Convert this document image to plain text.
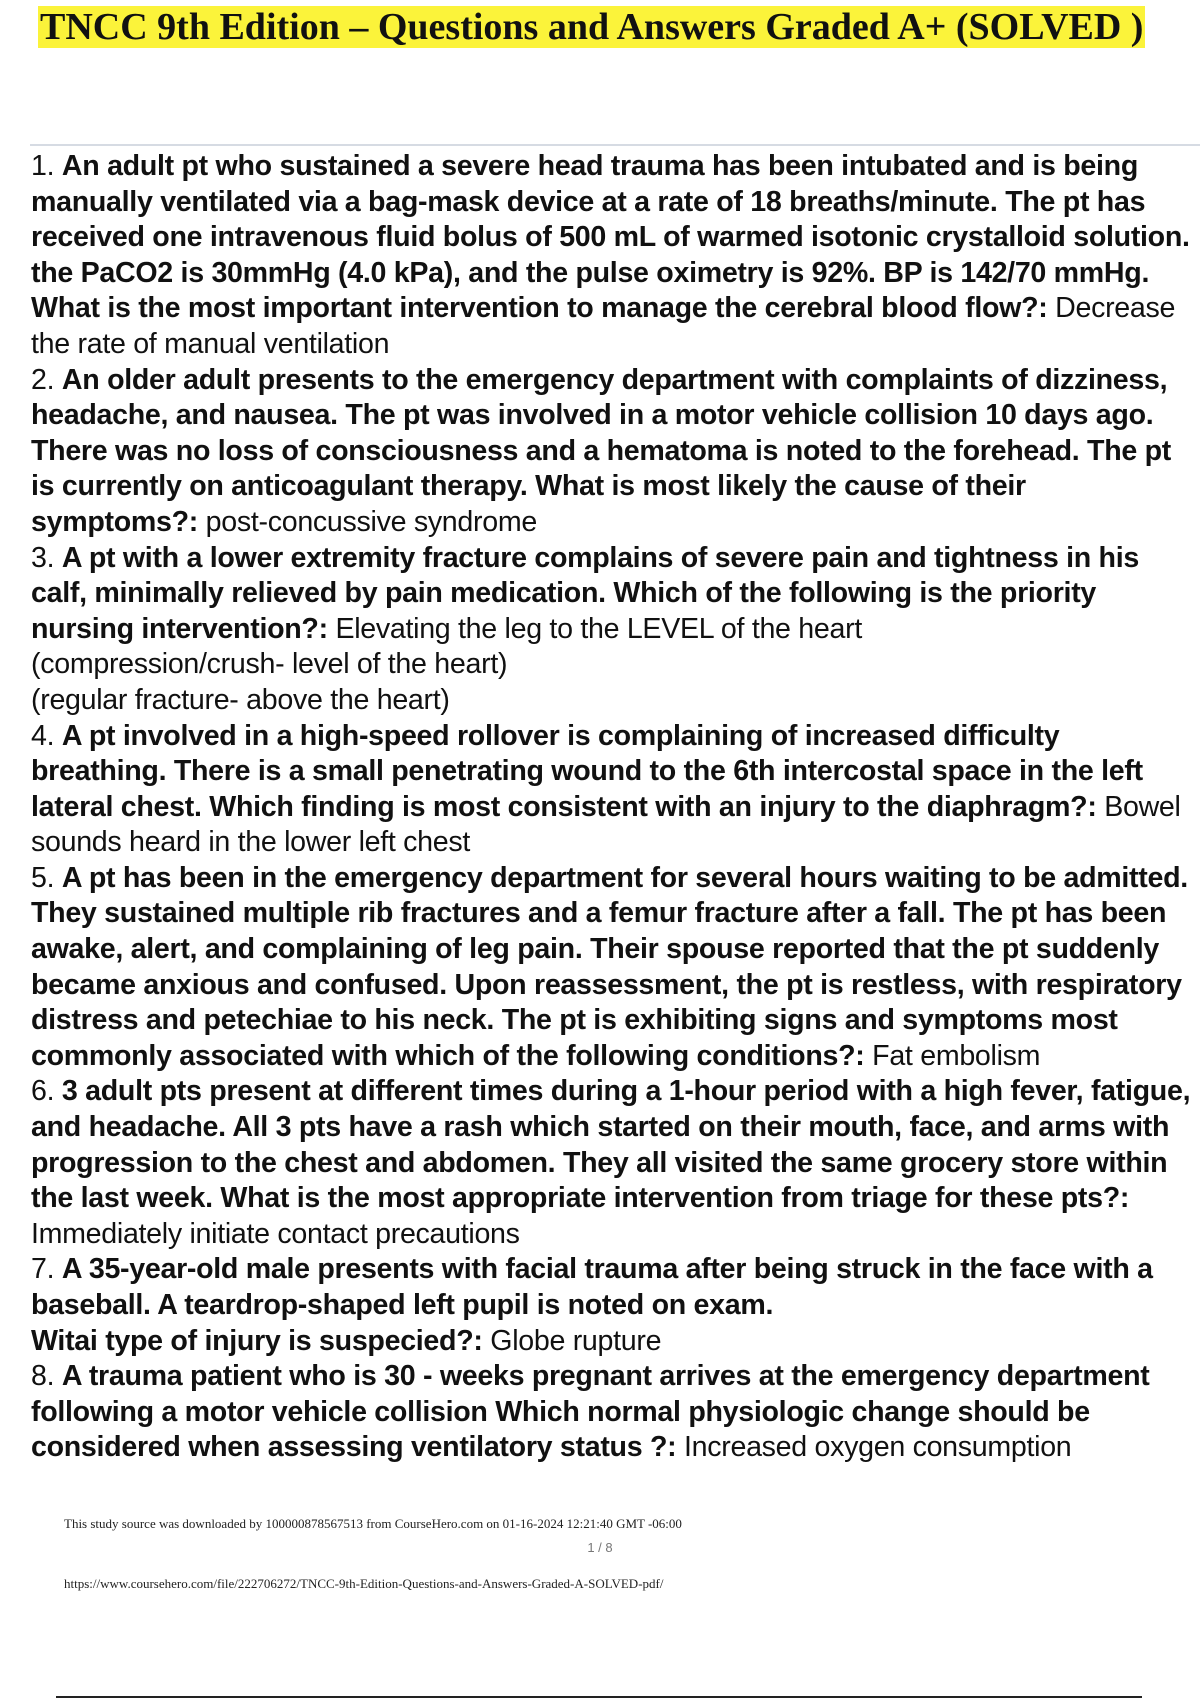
TNCC 9th Edition – Questions and Answers Graded A+ (SOLVED )

1. An adult pt who sustained a severe head trauma has been intubated and is being manually ventilated via a bag-mask device at a rate of 18 breaths/minute. The pt has received one intravenous fluid bolus of 500 mL of warmed isotonic crystalloid solution. the PaCO2 is 30mmHg (4.0 kPa), and the pulse oximetry is 92%. BP is 142/70 mmHg. What is the most important intervention to manage the cerebral blood flow?: Decrease the rate of manual ventilation

2. An older adult presents to the emergency department with complaints of dizziness, headache, and nausea. The pt was involved in a motor vehicle collision 10 days ago. There was no loss of consciousness and a hematoma is noted to the forehead. The pt is currently on anticoagulant therapy. What is most likely the cause of their symptoms?: post-concussive syndrome

3. A pt with a lower extremity fracture complains of severe pain and tightness in his calf, minimally relieved by pain medication. Which of the following is the priority nursing intervention?: Elevating the leg to the LEVEL of the heart
(compression/crush- level of the heart)
(regular fracture- above the heart)

4. A pt involved in a high-speed rollover is complaining of increased difficulty breathing. There is a small penetrating wound to the 6th intercostal space in the left lateral chest. Which finding is most consistent with an injury to the diaphragm?: Bowel sounds heard in the lower left chest

5. A pt has been in the emergency department for several hours waiting to be admitted. They sustained multiple rib fractures and a femur fracture after a fall. The pt has been awake, alert, and complaining of leg pain. Their spouse reported that the pt suddenly became anxious and confused. Upon reassessment, the pt is restless, with respiratory distress and petechiae to his neck. The pt is exhibiting signs and symptoms most commonly associated with which of the following conditions?: Fat embolism

6. 3 adult pts present at different times during a 1-hour period with a high fever, fatigue, and headache. All 3 pts have a rash which started on their mouth, face, and arms with progression to the chest and abdomen. They all visited the same grocery store within the last week. What is the most appropriate intervention from triage for these pts?: Immediately initiate contact precautions

7. A 35-year-old male presents with facial trauma after being struck in the face with a baseball. A teardrop-shaped left pupil is noted on exam.
Witai type of injury is suspecied?: Globe rupture

8. A trauma patient who is 30 - weeks pregnant arrives at the emergency department following a motor vehicle collision Which normal physiologic change should be considered when assessing ventilatory status ?: Increased oxygen consumption

This study source was downloaded by 100000878567513 from CourseHero.com on 01-16-2024 12:21:40 GMT -06:00
1 / 8
https://www.coursehero.com/file/222706272/TNCC-9th-Edition-Questions-and-Answers-Graded-A-SOLVED-pdf/
